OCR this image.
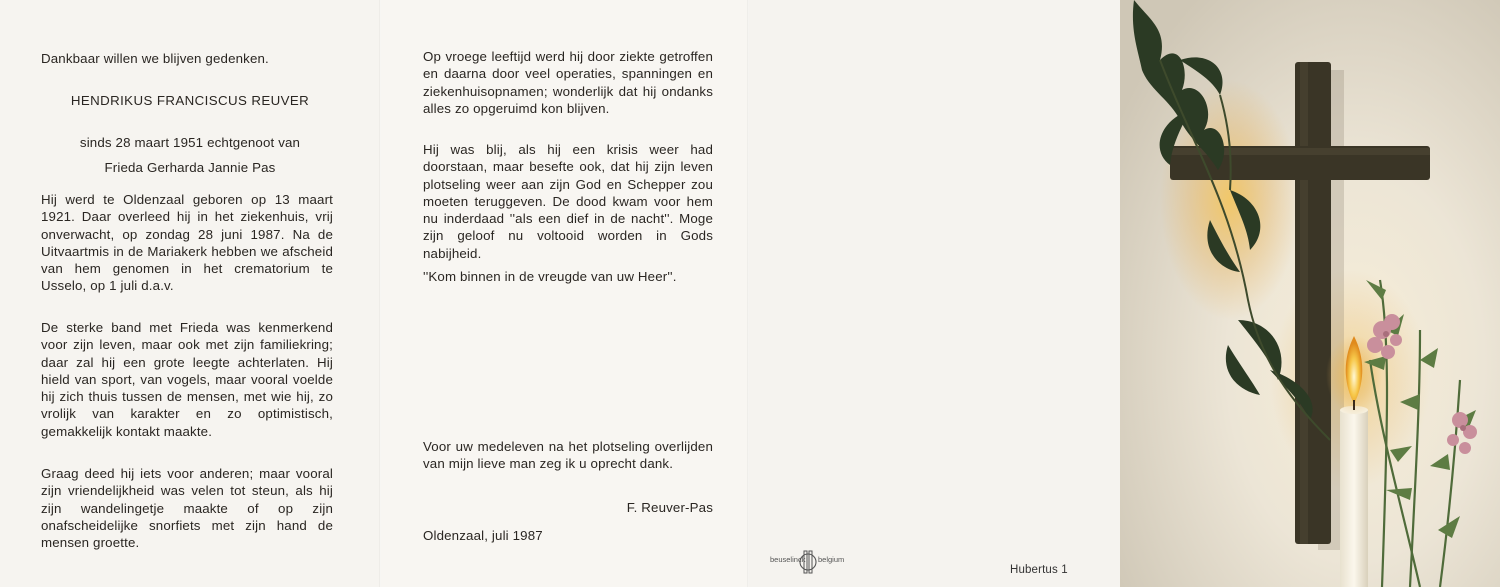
Dankbaar willen we blijven gedenken.

HENDRIKUS FRANCISCUS REUVER

sinds 28 maart 1951 echtgenoot van

Frieda Gerharda Jannie Pas

Hij werd te Oldenzaal geboren op 13 maart 1921. Daar overleed hij in het ziekenhuis, vrij onverwacht, op zondag 28 juni 1987. Na de Uitvaartmis in de Mariakerk hebben we afscheid van hem genomen in het crematorium te Usselo, op 1 juli d.a.v.

De sterke band met Frieda was kenmerkend voor zijn leven, maar ook met zijn familiekring; daar zal hij een grote leegte achterlaten. Hij hield van sport, van vogels, maar vooral voelde hij zich thuis tussen de mensen, met wie hij, zo vrolijk van karakter en zo optimistisch, gemakkelijk kontakt maakte.

Graag deed hij iets voor anderen; maar vooral zijn vriendelijkheid was velen tot steun, als hij zijn wandelingetje maakte of op zijn onafscheidelijke snorfiets met zijn hand de mensen groette.

Op vroege leeftijd werd hij door ziekte getroffen en daarna door veel operaties, spanningen en ziekenhuisopnamen; wonderlijk dat hij ondanks alles zo opgeruimd kon blijven.

Hij was blij, als hij een krisis weer had doorstaan, maar besefte ook, dat hij zijn leven plotseling weer aan zijn God en Schepper zou moeten teruggeven. De dood kwam voor hem nu inderdaad ''als een dief in de nacht''. Moge zijn geloof nu voltooid worden in Gods nabijheid.

''Kom binnen in de vreugde van uw Heer''.

Voor uw medeleven na het plotseling overlijden van mijn lieve man zeg ik u oprecht dank.

F. Reuver-Pas

Oldenzaal, juli 1987

beuselinck belgium
Hubertus 1
